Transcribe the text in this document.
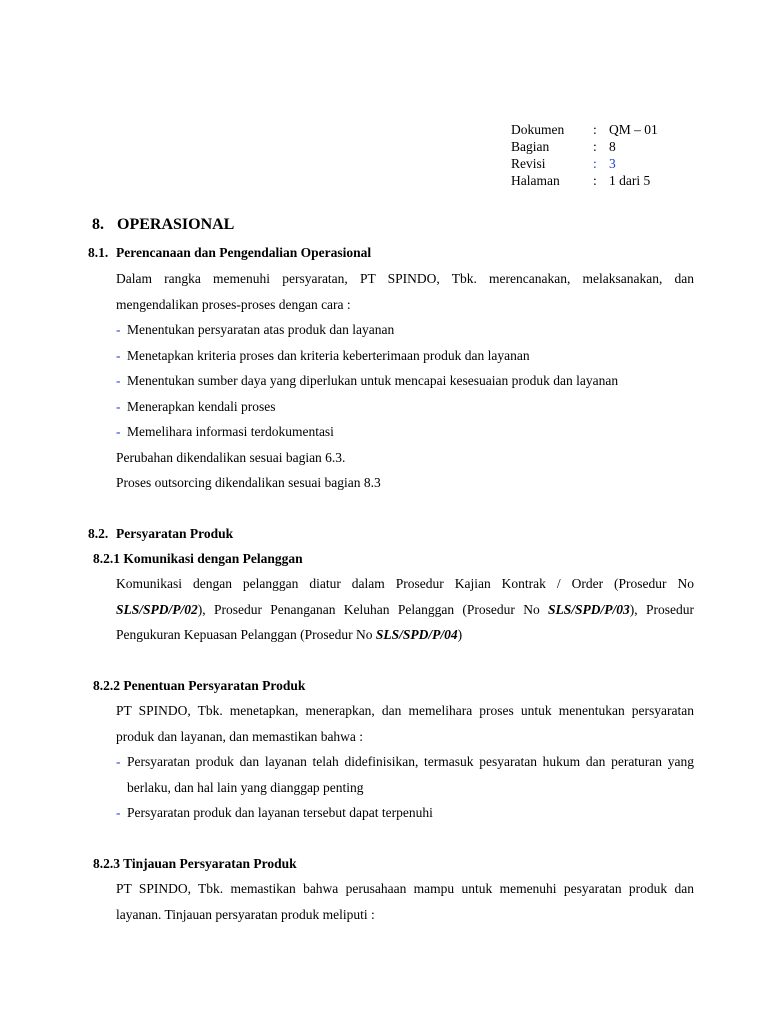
Dokumen	:	QM – 01
Bagian	:	8
Revisi	:	3
Halaman	:	1 dari 5
8. OPERASIONAL
8.1. Perencanaan dan Pengendalian Operasional

Dalam rangka memenuhi persyaratan, PT SPINDO, Tbk. merencanakan, melaksanakan, dan mengendalikan proses-proses dengan cara :

- Menentukan persyaratan atas produk dan layanan
- Menetapkan kriteria proses dan kriteria keberterimaan produk dan layanan
- Menentukan sumber daya yang diperlukan untuk mencapai kesesuaian produk dan layanan
- Menerapkan kendali proses
- Memelihara informasi terdokumentasi
Perubahan dikendalikan sesuai bagian 6.3.
Proses outsorcing dikendalikan sesuai bagian 8.3
8.2. Persyaratan Produk
8.2.1 Komunikasi dengan Pelanggan

Komunikasi dengan pelanggan diatur dalam Prosedur Kajian Kontrak / Order (Prosedur No SLS/SPD/P/02), Prosedur Penanganan Keluhan Pelanggan (Prosedur No SLS/SPD/P/03), Prosedur Pengukuran Kepuasan Pelanggan (Prosedur No SLS/SPD/P/04)

8.2.2 Penentuan Persyaratan Produk

PT SPINDO, Tbk. menetapkan, menerapkan, dan memelihara proses untuk menentukan persyaratan produk dan layanan, dan memastikan bahwa :

- Persyaratan produk dan layanan telah didefinisikan, termasuk pesyaratan hukum dan peraturan yang berlaku, dan hal lain yang dianggap penting
- Persyaratan produk dan layanan tersebut dapat terpenuhi
8.2.3 Tinjauan Persyaratan Produk

PT SPINDO, Tbk. memastikan bahwa perusahaan mampu untuk memenuhi pesyaratan produk dan layanan. Tinjauan persyaratan produk meliputi :
